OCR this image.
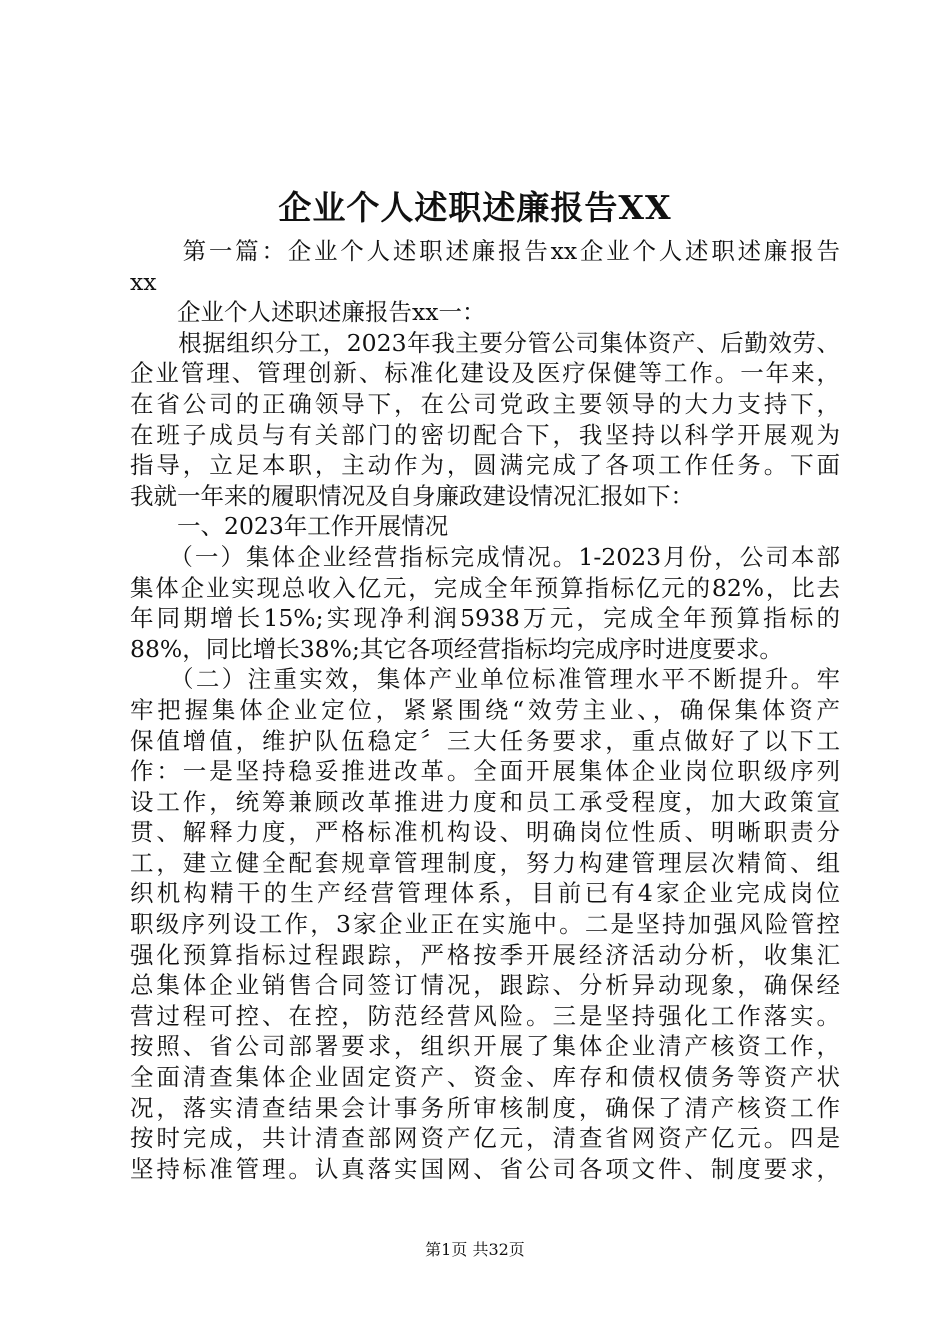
企业个人述职述廉报告XX
　　第一篇：企业个人述职述廉报告xx企业个人述职述廉报告
xx
　　企业个人述职述廉报告xx一：
　　根据组织分工，2023年我主要分管公司集体资产、后勤效劳、
企业管理、管理创新、标准化建设及医疗保健等工作。一年来，
在省公司的正确领导下，在公司党政主要领导的大力支持下，
在班子成员与有关部门的密切配合下，我坚持以科学开展观为
指导，立足本职，主动作为，圆满完成了各项工作任务。下面
我就一年来的履职情况及自身廉政建设情况汇报如下：
　　一、2023年工作开展情况
　　（一）集体企业经营指标完成情况。1-2023月份，公司本部
集体企业实现总收入亿元，完成全年预算指标亿元的82%，比去
年同期增长15%;实现净利润5938万元，完成全年预算指标的
88%，同比增长38%;其它各项经营指标均完成序时进度要求。
　　（二）注重实效，集体产业单位标准管理水平不断提升。牢
牢把握集体企业定位，紧紧围绕“效劳主业、，确保集体资产
保值增值，维护队伍稳定〞三大任务要求，重点做好了以下工
作：一是坚持稳妥推进改革。全面开展集体企业岗位职级序列
设工作，统筹兼顾改革推进力度和员工承受程度，加大政策宣
贯、解释力度，严格标准机构设、明确岗位性质、明晰职责分
工，建立健全配套规章管理制度，努力构建管理层次精简、组
织机构精干的生产经营管理体系，目前已有4家企业完成岗位
职级序列设工作，3家企业正在实施中。二是坚持加强风险管控
强化预算指标过程跟踪，严格按季开展经济活动分析，收集汇
总集体企业销售合同签订情况，跟踪、分析异动现象，确保经
营过程可控、在控，防范经营风险。三是坚持强化工作落实。
按照、省公司部署要求，组织开展了集体企业清产核资工作，
全面清查集体企业固定资产、资金、库存和债权债务等资产状
况，落实清查结果会计事务所审核制度，确保了清产核资工作
按时完成，共计清查部网资产亿元，清查省网资产亿元。四是
坚持标准管理。认真落实国网、省公司各项文件、制度要求，
第1页 共32页
